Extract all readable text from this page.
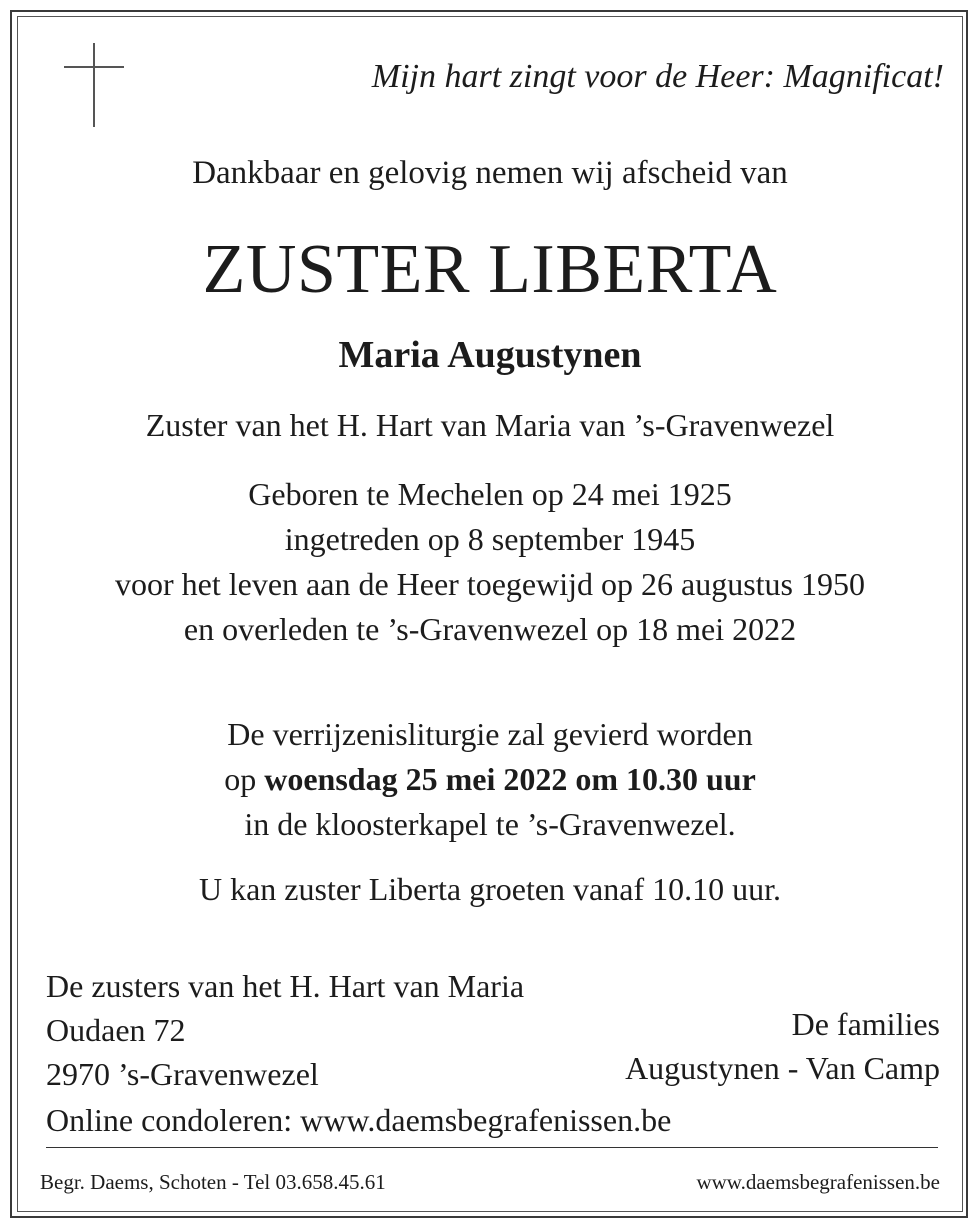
Mijn hart zingt voor de Heer: Magnificat!
Dankbaar en gelovig nemen wij afscheid van
ZUSTER LIBERTA
Maria Augustynen
Zuster van het H. Hart van Maria van ’s-Gravenwezel
Geboren te Mechelen op 24 mei 1925
ingetreden op 8 september 1945
voor het leven aan de Heer toegewijd op 26 augustus 1950
en overleden te ’s-Gravenwezel op 18 mei 2022
De verrijzenisliturgie zal gevierd worden
op woensdag 25 mei 2022 om 10.30 uur
in de kloosterkapel te ’s-Gravenwezel.
U kan zuster Liberta groeten vanaf 10.10 uur.
De zusters van het H. Hart van Maria
Oudaen 72
2970 ’s-Gravenwezel
De families
Augustynen - Van Camp
Online condoleren: www.daemsbegrafenissen.be
Begr. Daems, Schoten - Tel 03.658.45.61	www.daemsbegrafenissen.be
